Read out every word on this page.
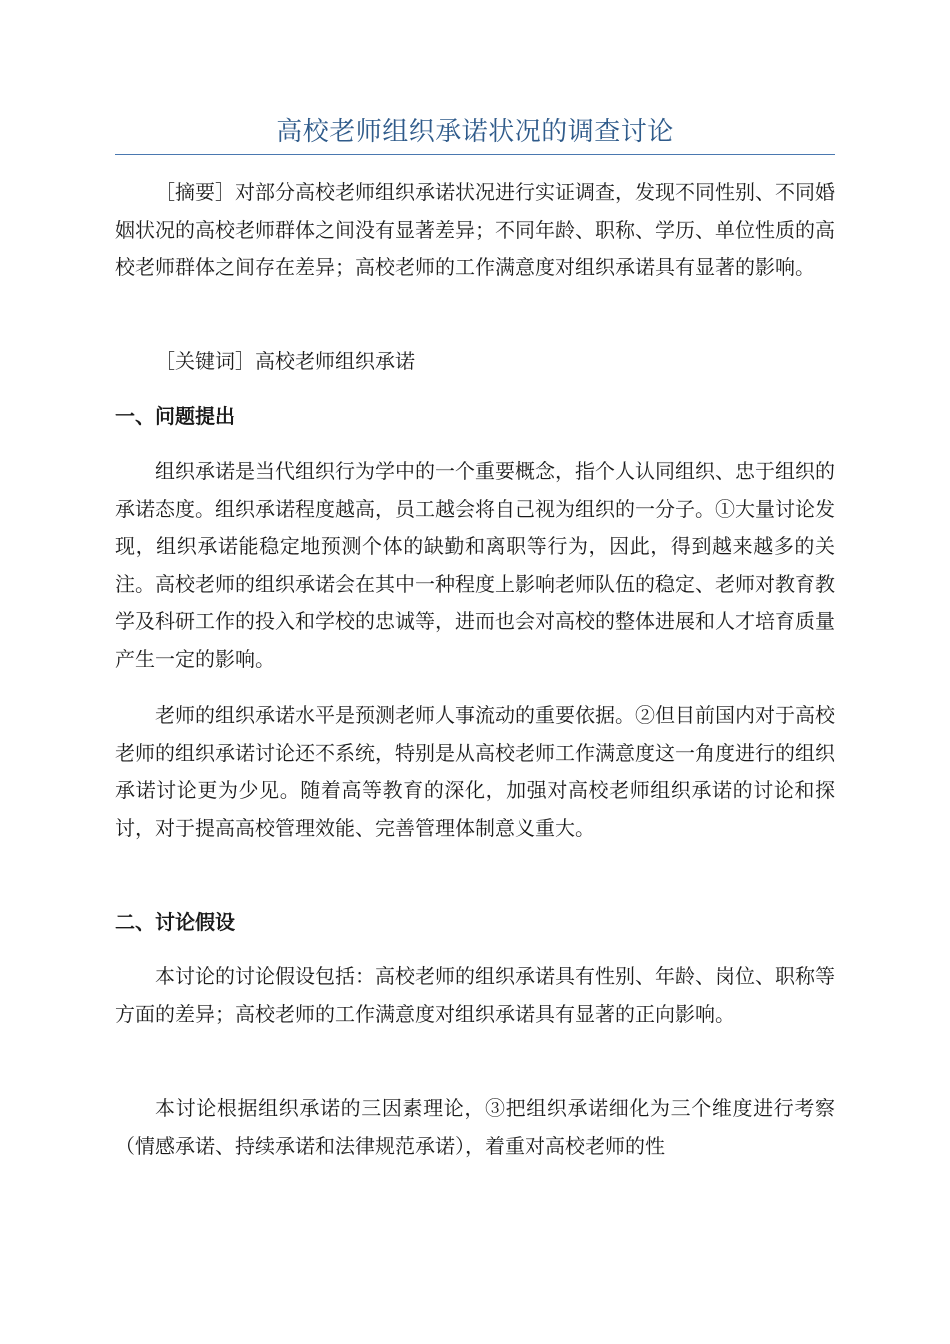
高校老师组织承诺状况的调查讨论
［摘要］对部分高校老师组织承诺状况进行实证调查，发现不同性别、不同婚姻状况的高校老师群体之间没有显著差异；不同年龄、职称、学历、单位性质的高校老师群体之间存在差异；高校老师的工作满意度对组织承诺具有显著的影响。
［关键词］高校老师组织承诺
一、问题提出
组织承诺是当代组织行为学中的一个重要概念，指个人认同组织、忠于组织的承诺态度。组织承诺程度越高，员工越会将自己视为组织的一分子。①大量讨论发现，组织承诺能稳定地预测个体的缺勤和离职等行为，因此，得到越来越多的关注。高校老师的组织承诺会在其中一种程度上影响老师队伍的稳定、老师对教育教学及科研工作的投入和学校的忠诚等，进而也会对高校的整体进展和人才培育质量产生一定的影响。
老师的组织承诺水平是预测老师人事流动的重要依据。②但目前国内对于高校老师的组织承诺讨论还不系统，特别是从高校老师工作满意度这一角度进行的组织承诺讨论更为少见。随着高等教育的深化，加强对高校老师组织承诺的讨论和探讨，对于提高高校管理效能、完善管理体制意义重大。
二、讨论假设
本讨论的讨论假设包括：高校老师的组织承诺具有性别、年龄、岗位、职称等方面的差异；高校老师的工作满意度对组织承诺具有显著的正向影响。
本讨论根据组织承诺的三因素理论，③把组织承诺细化为三个维度进行考察（情感承诺、持续承诺和法律规范承诺），着重对高校老师的性
